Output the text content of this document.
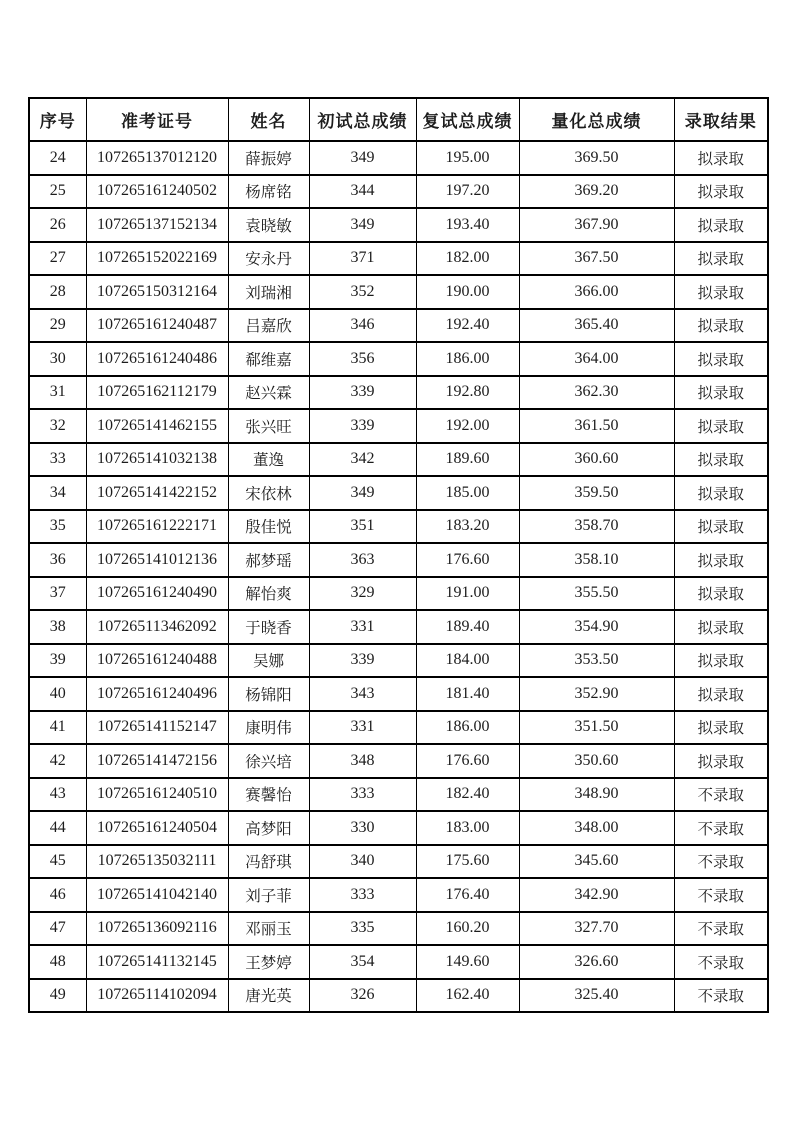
序号	准考证号	姓名	初试总成绩	复试总成绩	量化总成绩	录取结果
24	107265137012120	薛振婷	349	195.00	369.50	拟录取
25	107265161240502	杨席铭	344	197.20	369.20	拟录取
26	107265137152134	袁晓敏	349	193.40	367.90	拟录取
27	107265152022169	安永丹	371	182.00	367.50	拟录取
28	107265150312164	刘瑞湘	352	190.00	366.00	拟录取
29	107265161240487	吕嘉欣	346	192.40	365.40	拟录取
30	107265161240486	郗维嘉	356	186.00	364.00	拟录取
31	107265162112179	赵兴霖	339	192.80	362.30	拟录取
32	107265141462155	张兴旺	339	192.00	361.50	拟录取
33	107265141032138	董逸	342	189.60	360.60	拟录取
34	107265141422152	宋依林	349	185.00	359.50	拟录取
35	107265161222171	殷佳悦	351	183.20	358.70	拟录取
36	107265141012136	郝梦瑶	363	176.60	358.10	拟录取
37	107265161240490	解怡爽	329	191.00	355.50	拟录取
38	107265113462092	于晓香	331	189.40	354.90	拟录取
39	107265161240488	吴娜	339	184.00	353.50	拟录取
40	107265161240496	杨锦阳	343	181.40	352.90	拟录取
41	107265141152147	康明伟	331	186.00	351.50	拟录取
42	107265141472156	徐兴培	348	176.60	350.60	拟录取
43	107265161240510	赛馨怡	333	182.40	348.90	不录取
44	107265161240504	高梦阳	330	183.00	348.00	不录取
45	107265135032111	冯舒琪	340	175.60	345.60	不录取
46	107265141042140	刘子菲	333	176.40	342.90	不录取
47	107265136092116	邓丽玉	335	160.20	327.70	不录取
48	107265141132145	王梦婷	354	149.60	326.60	不录取
49	107265114102094	唐光英	326	162.40	325.40	不录取
